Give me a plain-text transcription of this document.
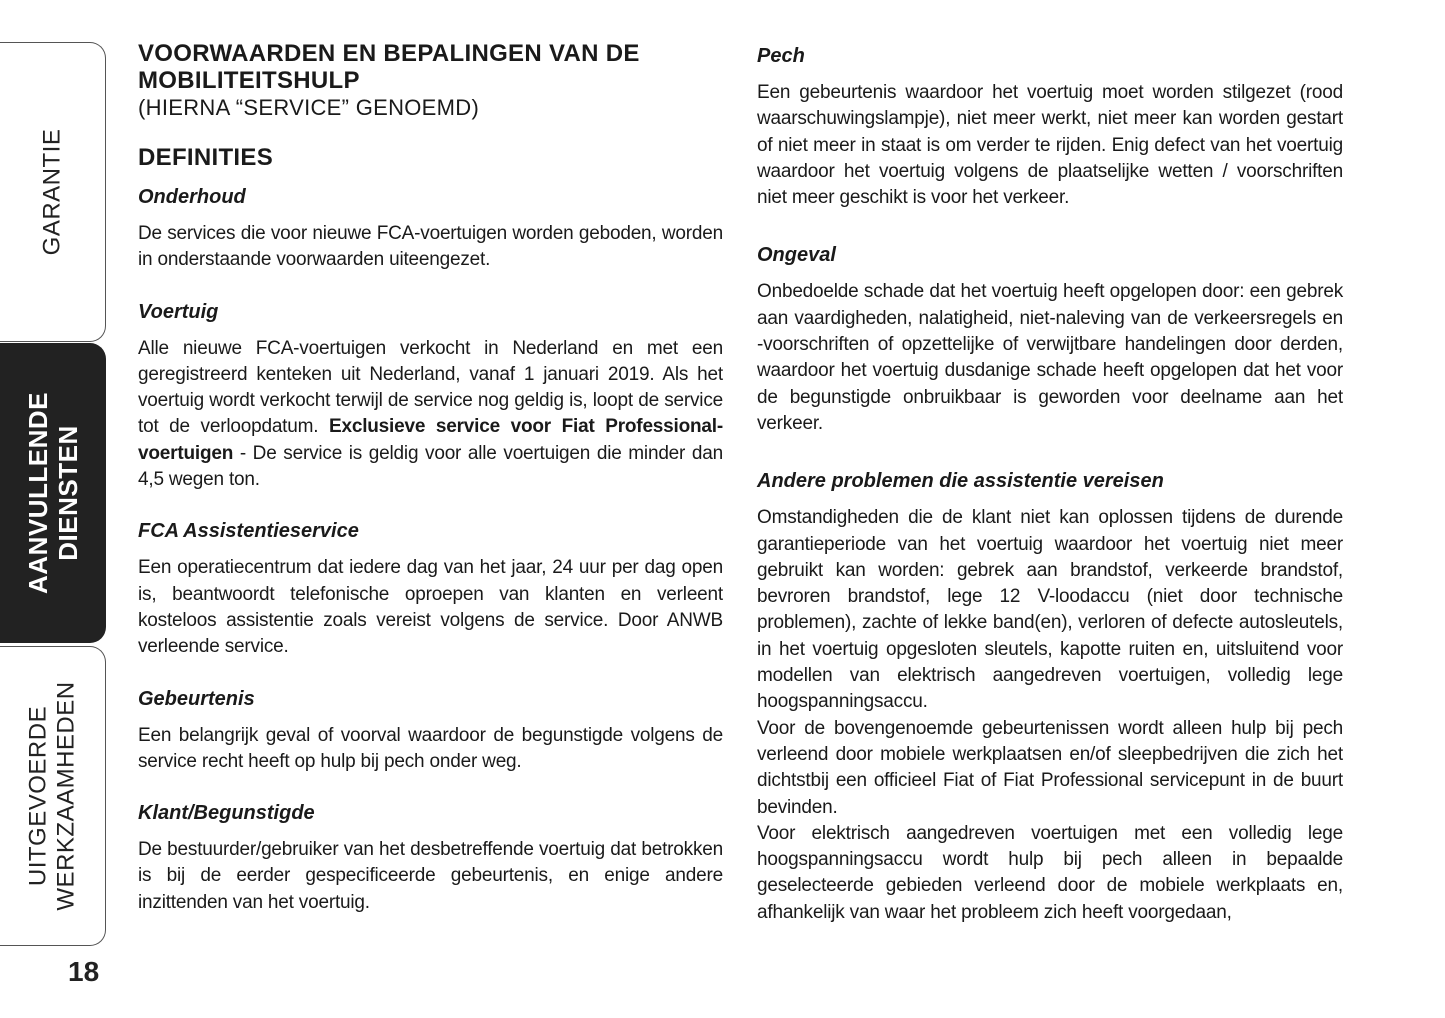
GARANTIE
AANVULLENDE
DIENSTEN
UITGEVOERDE
WERKZAAMHEDEN
18
VOORWAARDEN EN BEPALINGEN VAN DE
MOBILITEITSHULP
(HIERNA “SERVICE” GENOEMD)
DEFINITIES
Onderhoud

De services die voor nieuwe FCA-voertuigen worden geboden, worden in onderstaande voorwaarden uiteengezet.

Voertuig

Alle nieuwe FCA-voertuigen verkocht in Nederland en met een geregistreerd kenteken uit Nederland, vanaf 1 januari 2019. Als het voertuig wordt verkocht terwijl de service nog geldig is, loopt de service tot de verloopdatum. Exclusieve service voor Fiat Professional-voertuigen - De service is geldig voor alle voertuigen die minder dan 4,5 wegen ton.

FCA Assistentieservice

Een operatiecentrum dat iedere dag van het jaar, 24 uur per dag open is, beantwoordt telefonische oproepen van klanten en verleent kosteloos assistentie zoals vereist volgens de service. Door ANWB verleende service.

Gebeurtenis

Een belangrijk geval of voorval waardoor de begunstigde volgens de service recht heeft op hulp bij pech onder weg.

Klant/Begunstigde

De bestuurder/gebruiker van het desbetreffende voertuig dat betrokken is bij de eerder gespecificeerde gebeurtenis, en enige andere inzittenden van het voertuig.

Pech

Een gebeurtenis waardoor het voertuig moet worden stilgezet (rood waarschuwingslampje), niet meer werkt, niet meer kan worden gestart of niet meer in staat is om verder te rijden. Enig defect van het voertuig waardoor het voertuig volgens de plaatselijke wetten / voorschriften niet meer geschikt is voor het verkeer.

Ongeval

Onbedoelde schade dat het voertuig heeft opgelopen door: een gebrek aan vaardigheden, nalatigheid, niet-naleving van de verkeersregels en -voorschriften of opzettelijke of verwijtbare handelingen door derden, waardoor het voertuig dusdanige schade heeft opgelopen dat het voor de begunstigde onbruikbaar is geworden voor deelname aan het verkeer.

Andere problemen die assistentie vereisen

Omstandigheden die de klant niet kan oplossen tijdens de durende garantieperiode van het voertuig waardoor het voertuig niet meer gebruikt kan worden: gebrek aan brandstof, verkeerde brandstof, bevroren brandstof, lege 12 V-loodaccu (niet door technische problemen), zachte of lekke band(en), verloren of defecte autosleutels, in het voertuig opgesloten sleutels, kapotte ruiten en, uitsluitend voor modellen van elektrisch aangedreven voertuigen, volledig lege hoogspanningsaccu.

Voor de bovengenoemde gebeurtenissen wordt alleen hulp bij pech verleend door mobiele werkplaatsen en/of sleepbedrijven die zich het dichtstbij een officieel Fiat of Fiat Professional servicepunt in de buurt bevinden.

Voor elektrisch aangedreven voertuigen met een volledig lege hoogspanningsaccu wordt hulp bij pech alleen in bepaalde geselecteerde gebieden verleend door de mobiele werkplaats en, afhankelijk van waar het probleem zich heeft voorgedaan,
